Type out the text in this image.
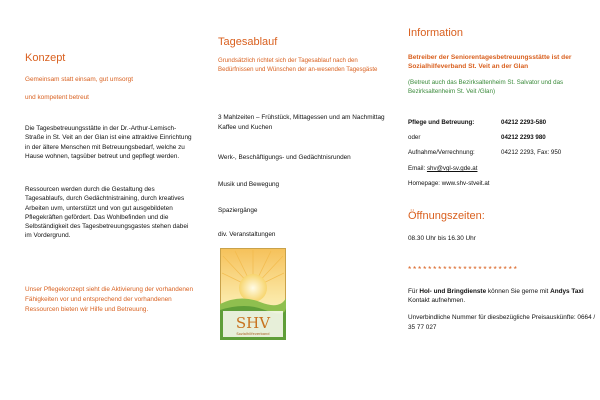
Konzept
Gemeinsam statt einsam, gut umsorgt
und kompetent betreut

Die Tagesbetreuungsstätte in der Dr.-Arthur-Lemisch-Straße in St. Veit an der Glan ist eine attraktive Einrichtung in der ältere Menschen mit Betreuungsbedarf, welche zu Hause wohnen, tagsüber betreut und gepflegt werden.

Ressourcen werden durch die Gestaltung des Tagesablaufs, durch Gedächtnistraining, durch kreatives Arbeiten uvm, unterstützt und von gut ausgebildeten Pflegekräften gefördert. Das Wohlbefinden und die Selbständigkeit des Tagesbetreuungsgastes stehen dabei im Vordergrund.

Unser Pflegekonzept sieht die Aktivierung der vorhandenen Fähigkeiten vor und entsprechend der vorhandenen Ressourcen bieten wir Hilfe und Betreuung.

Tagesablauf

Grundsätzlich richtet sich der Tagesablauf nach den Bedürfnissen und Wünschen der an-wesenden Tagesgäste

3 Mahlzeiten – Frühstück, Mittagessen und am Nachmittag Kaffee und Kuchen

Werk-, Beschäftigungs- und Gedächtnisrunden

Musik und Bewegung

Spaziergänge

div. Veranstaltungen

SHV
Sozialhilfeverband
Information

Betreiber der Seniorentagesbetreuungsstätte ist der Sozialhilfeverband St. Veit an der Glan

(Betreut auch das Bezirksaltenheim St. Salvator und das Bezirksaltenheim St. Veit /Glan)

Pflege und Betreuung:	04212 2293-580
oder	04212 2293 980
Aufnahme/Verrechnung:	04212 2293, Fax: 950
Email: shv@vgl-sv.gde.at
Homepage: www.shv-stveit.at
Öffnungszeiten:
08.30 Uhr bis 16.30 Uhr
**********************

Für Hol- und Bringdienste können Sie gerne mit Andys Taxi Kontakt aufnehmen.

Unverbindliche Nummer für diesbezügliche Preisauskünfte: 0664 / 35 77 027
